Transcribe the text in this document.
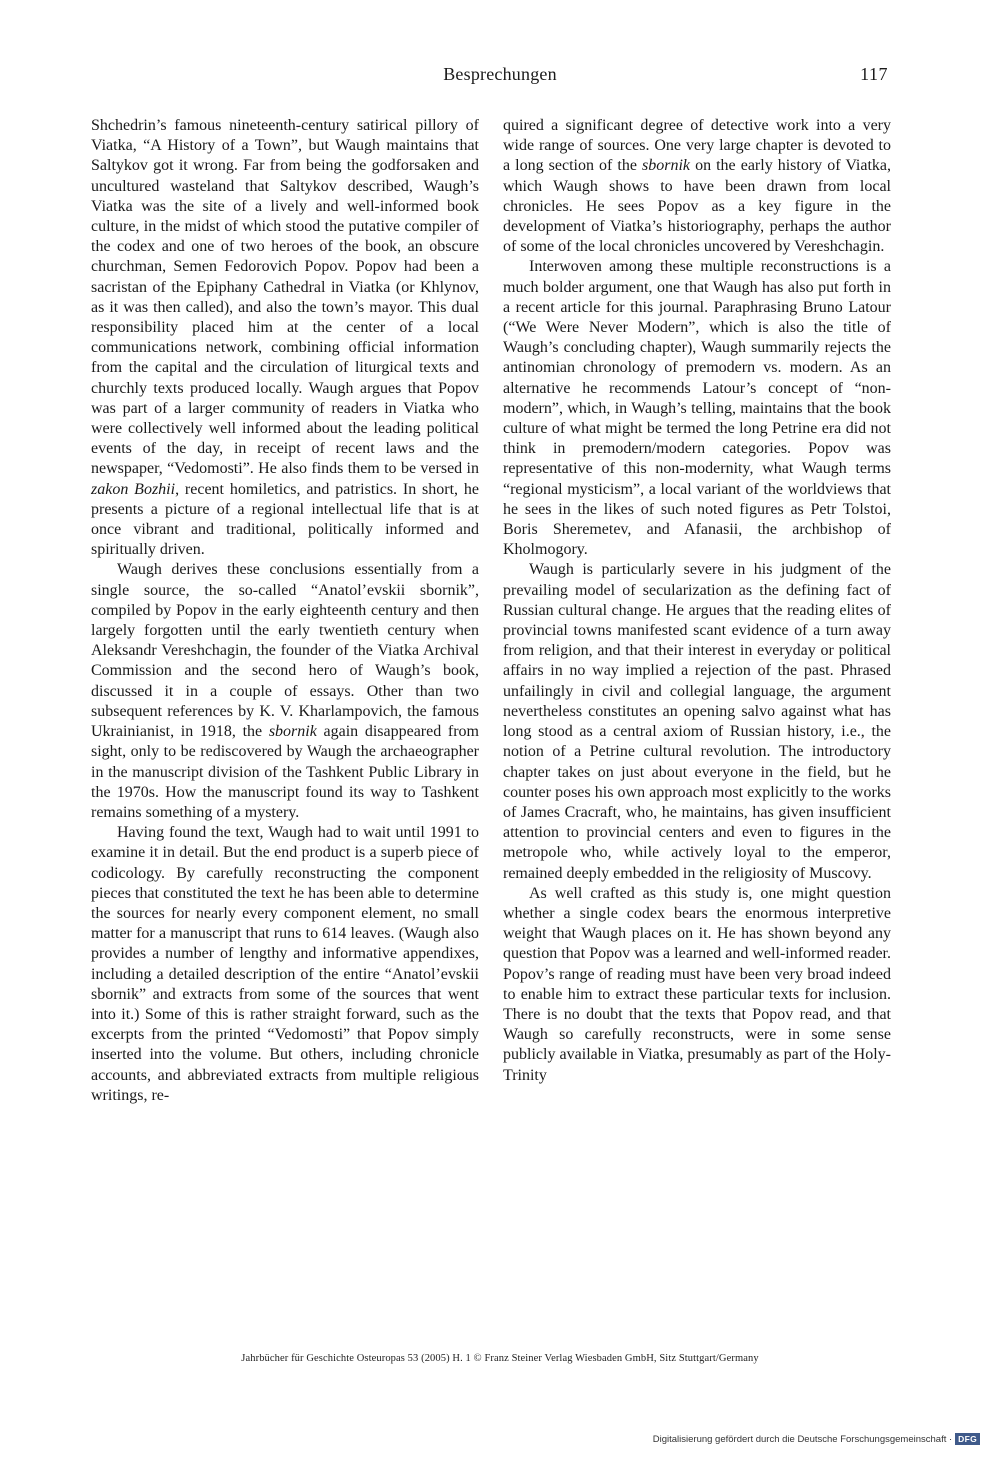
Besprechungen	117

Shchedrin’s famous nineteenth-century satirical pillory of Viatka, “A History of a Town”, but Waugh maintains that Saltykov got it wrong. Far from being the godforsaken and uncultured wasteland that Saltykov described, Waugh’s Viatka was the site of a lively and well-informed book culture, in the midst of which stood the putative compiler of the codex and one of two heroes of the book, an obscure churchman, Semen Fedorovich Popov. Popov had been a sacristan of the Epiphany Cathedral in Viatka (or Khlynov, as it was then called), and also the town’s mayor. This dual responsibility placed him at the center of a local communications network, combining official information from the capital and the circulation of liturgical texts and churchly texts produced locally. Waugh argues that Popov was part of a larger community of readers in Viatka who were collectively well informed about the leading political events of the day, in receipt of recent laws and the newspaper, “Vedomosti”. He also finds them to be versed in zakon Bozhii, recent homiletics, and patristics. In short, he presents a picture of a regional intellectual life that is at once vibrant and traditional, politically informed and spiritually driven.

Waugh derives these conclusions essentially from a single source, the so-called “Anatol’evskii sbornik”, compiled by Popov in the early eighteenth century and then largely forgotten until the early twentieth century when Aleksandr Vereshchagin, the founder of the Viatka Archival Commission and the second hero of Waugh’s book, discussed it in a couple of essays. Other than two subsequent references by K. V. Kharlampovich, the famous Ukrainianist, in 1918, the sbornik again disappeared from sight, only to be rediscovered by Waugh the archaeographer in the manuscript division of the Tashkent Public Library in the 1970s. How the manuscript found its way to Tashkent remains something of a mystery.

Having found the text, Waugh had to wait until 1991 to examine it in detail. But the end product is a superb piece of codicology. By carefully reconstructing the component pieces that constituted the text he has been able to determine the sources for nearly every component element, no small matter for a manuscript that runs to 614 leaves. (Waugh also provides a number of lengthy and informative appendixes, including a detailed description of the entire “Anatol’evskii sbornik” and extracts from some of the sources that went into it.) Some of this is rather straight forward, such as the excerpts from the printed “Vedomosti” that Popov simply inserted into the volume. But others, including chronicle accounts, and abbreviated extracts from multiple religious writings, re-

quired a significant degree of detective work into a very wide range of sources. One very large chapter is devoted to a long section of the sbornik on the early history of Viatka, which Waugh shows to have been drawn from local chronicles. He sees Popov as a key figure in the development of Viatka’s historiography, perhaps the author of some of the local chronicles uncovered by Vereshchagin.

Interwoven among these multiple reconstructions is a much bolder argument, one that Waugh has also put forth in a recent article for this journal. Paraphrasing Bruno Latour (“We Were Never Modern”, which is also the title of Waugh’s concluding chapter), Waugh summarily rejects the antinomian chronology of premodern vs. modern. As an alternative he recommends Latour’s concept of “non-modern”, which, in Waugh’s telling, maintains that the book culture of what might be termed the long Petrine era did not think in premodern/modern categories. Popov was representative of this non-modernity, what Waugh terms “regional mysticism”, a local variant of the worldviews that he sees in the likes of such noted figures as Petr Tolstoi, Boris Sheremetev, and Afanasii, the archbishop of Kholmogory.

Waugh is particularly severe in his judgment of the prevailing model of secularization as the defining fact of Russian cultural change. He argues that the reading elites of provincial towns manifested scant evidence of a turn away from religion, and that their interest in everyday or political affairs in no way implied a rejection of the past. Phrased unfailingly in civil and collegial language, the argument nevertheless constitutes an opening salvo against what has long stood as a central axiom of Russian history, i.e., the notion of a Petrine cultural revolution. The introductory chapter takes on just about everyone in the field, but he counter poses his own approach most explicitly to the works of James Cracraft, who, he maintains, has given insufficient attention to provincial centers and even to figures in the metropole who, while actively loyal to the emperor, remained deeply embedded in the religiosity of Muscovy.

As well crafted as this study is, one might question whether a single codex bears the enormous interpretive weight that Waugh places on it. He has shown beyond any question that Popov was a learned and well-informed reader. Popov’s range of reading must have been very broad indeed to enable him to extract these particular texts for inclusion. There is no doubt that the texts that Popov read, and that Waugh so carefully reconstructs, were in some sense publicly available in Viatka, presumably as part of the Holy-Trinity

Jahrbücher für Geschichte Osteuropas 53 (2005) H. 1 © Franz Steiner Verlag Wiesbaden GmbH, Sitz Stuttgart/Germany
Digitalisierung gefördert durch die Deutsche Forschungsgemeinschaft · DFG
